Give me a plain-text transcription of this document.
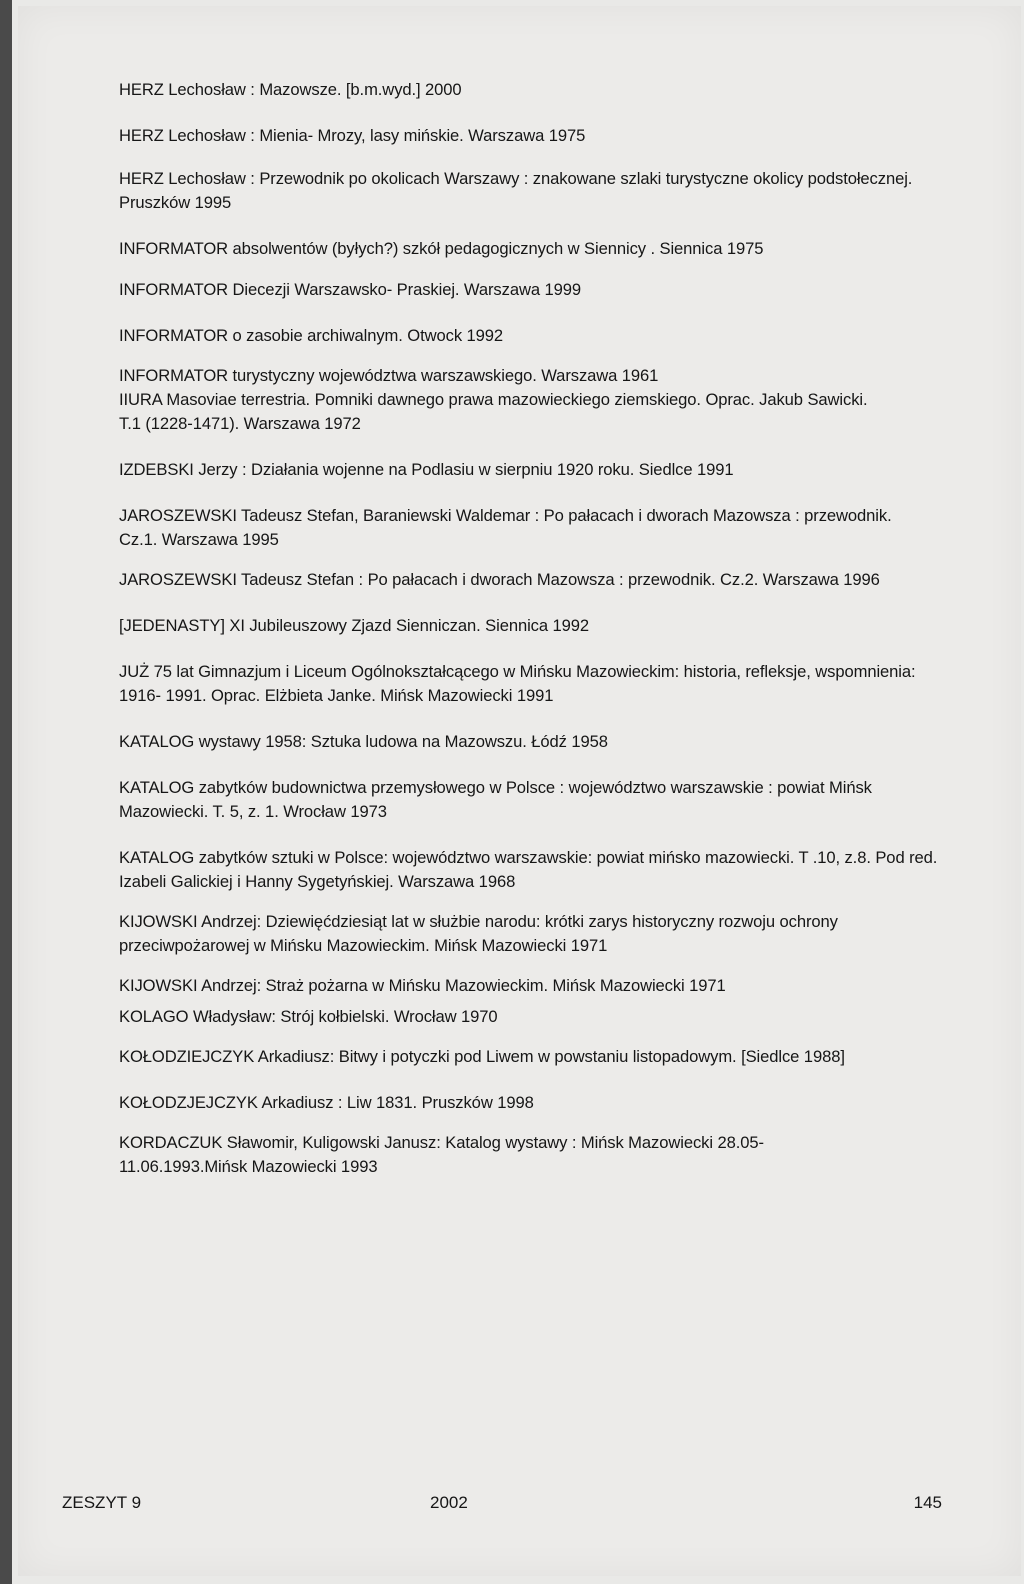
HERZ Lechosław : Mazowsze. [b.m.wyd.] 2000

HERZ Lechosław : Mienia- Mrozy, lasy mińskie. Warszawa 1975

HERZ Lechosław : Przewodnik po okolicach Warszawy : znakowane szlaki turystyczne okolicy podstołecznej. Pruszków 1995

INFORMATOR absolwentów (byłych?) szkół pedagogicznych w Siennicy . Siennica 1975

INFORMATOR Diecezji Warszawsko- Praskiej. Warszawa 1999

INFORMATOR o zasobie archiwalnym. Otwock 1992

INFORMATOR turystyczny województwa warszawskiego. Warszawa 1961

IIURA Masoviae terrestria. Pomniki dawnego prawa mazowieckiego ziemskiego. Oprac. Jakub Sawicki. T.1 (1228-1471). Warszawa 1972

IZDEBSKI Jerzy : Działania wojenne na Podlasiu w sierpniu 1920 roku. Siedlce 1991

JAROSZEWSKI Tadeusz Stefan, Baraniewski Waldemar : Po pałacach i dworach Mazowsza : przewodnik. Cz.1. Warszawa 1995

JAROSZEWSKI Tadeusz Stefan : Po pałacach i dworach Mazowsza : przewodnik. Cz.2. Warszawa 1996

[JEDENASTY] XI Jubileuszowy Zjazd Sienniczan. Siennica 1992

JUŻ 75 lat Gimnazjum i Liceum Ogólnokształcącego w Mińsku Mazowieckim: historia, refleksje, wspomnienia: 1916- 1991. Oprac. Elżbieta Janke. Mińsk Mazowiecki 1991

KATALOG wystawy 1958: Sztuka ludowa na Mazowszu. Łódź 1958

KATALOG zabytków budownictwa przemysłowego w Polsce : województwo warszawskie : powiat Mińsk Mazowiecki. T. 5, z. 1. Wrocław 1973

KATALOG zabytków sztuki w Polsce: województwo warszawskie: powiat mińsko mazowiecki. T .10, z.8. Pod red. Izabeli Galickiej i Hanny Sygetyńskiej. Warszawa 1968

KIJOWSKI Andrzej: Dziewięćdziesiąt lat w służbie narodu: krótki zarys historyczny rozwoju ochrony przeciwpożarowej w Mińsku Mazowieckim. Mińsk Mazowiecki 1971

KIJOWSKI Andrzej: Straż pożarna w Mińsku Mazowieckim. Mińsk Mazowiecki 1971

KOLAGO Władysław: Strój kołbielski. Wrocław 1970

KOŁODZIEJCZYK Arkadiusz: Bitwy i potyczki pod Liwem w powstaniu listopadowym. [Siedlce 1988]

KOŁODZJEJCZYK Arkadiusz : Liw 1831. Pruszków 1998

KORDACZUK Sławomir, Kuligowski Janusz: Katalog wystawy : Mińsk Mazowiecki 28.05-11.06.1993.Mińsk Mazowiecki 1993

ZESZYT 9	2002	145
